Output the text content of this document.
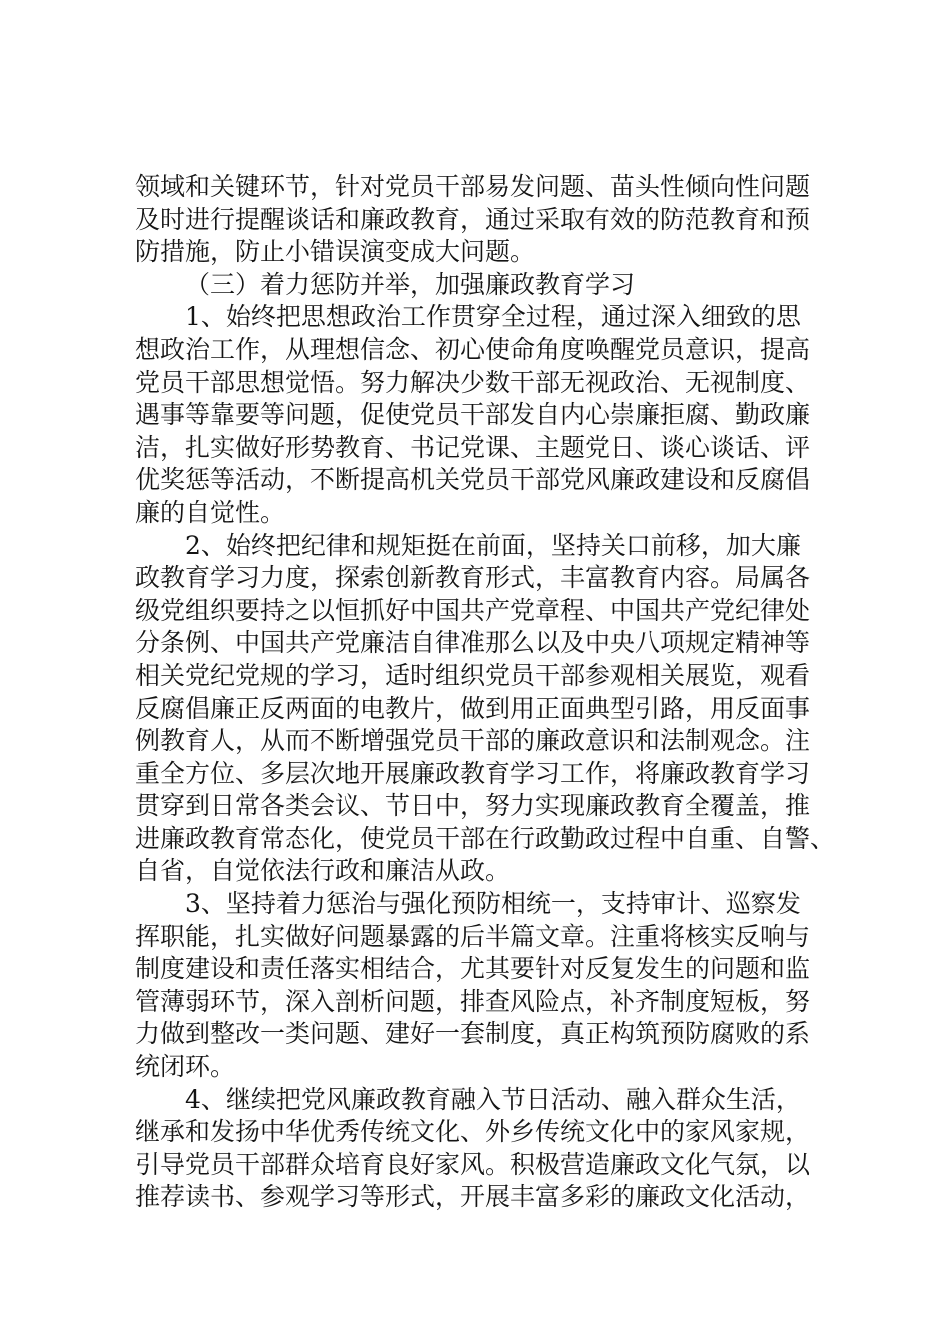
领域和关键环节，针对党员干部易发问题、苗头性倾向性问题
及时进行提醒谈话和廉政教育，通过采取有效的防范教育和预
防措施，防止小错误演变成大问题。
（三）着力惩防并举，加强廉政教育学习
1、始终把思想政治工作贯穿全过程，通过深入细致的思
想政治工作，从理想信念、初心使命角度唤醒党员意识，提高
党员干部思想觉悟。努力解决少数干部无视政治、无视制度、
遇事等靠要等问题，促使党员干部发自内心崇廉拒腐、勤政廉
洁，扎实做好形势教育、书记党课、主题党日、谈心谈话、评
优奖惩等活动，不断提高机关党员干部党风廉政建设和反腐倡
廉的自觉性。
2、始终把纪律和规矩挺在前面，坚持关口前移，加大廉
政教育学习力度，探索创新教育形式，丰富教育内容。局属各
级党组织要持之以恒抓好中国共产党章程、中国共产党纪律处
分条例、中国共产党廉洁自律准那么以及中央八项规定精神等
相关党纪党规的学习，适时组织党员干部参观相关展览，观看
反腐倡廉正反两面的电教片，做到用正面典型引路，用反面事
例教育人，从而不断增强党员干部的廉政意识和法制观念。注
重全方位、多层次地开展廉政教育学习工作，将廉政教育学习
贯穿到日常各类会议、节日中，努力实现廉政教育全覆盖，推
进廉政教育常态化，使党员干部在行政勤政过程中自重、自警、
自省，自觉依法行政和廉洁从政。
3、坚持着力惩治与强化预防相统一，支持审计、巡察发
挥职能，扎实做好问题暴露的后半篇文章。注重将核实反响与
制度建设和责任落实相结合，尤其要针对反复发生的问题和监
管薄弱环节，深入剖析问题，排查风险点，补齐制度短板，努
力做到整改一类问题、建好一套制度，真正构筑预防腐败的系
统闭环。
4、继续把党风廉政教育融入节日活动、融入群众生活，
继承和发扬中华优秀传统文化、外乡传统文化中的家风家规，
引导党员干部群众培育良好家风。积极营造廉政文化气氛，以
推荐读书、参观学习等形式，开展丰富多彩的廉政文化活动，
